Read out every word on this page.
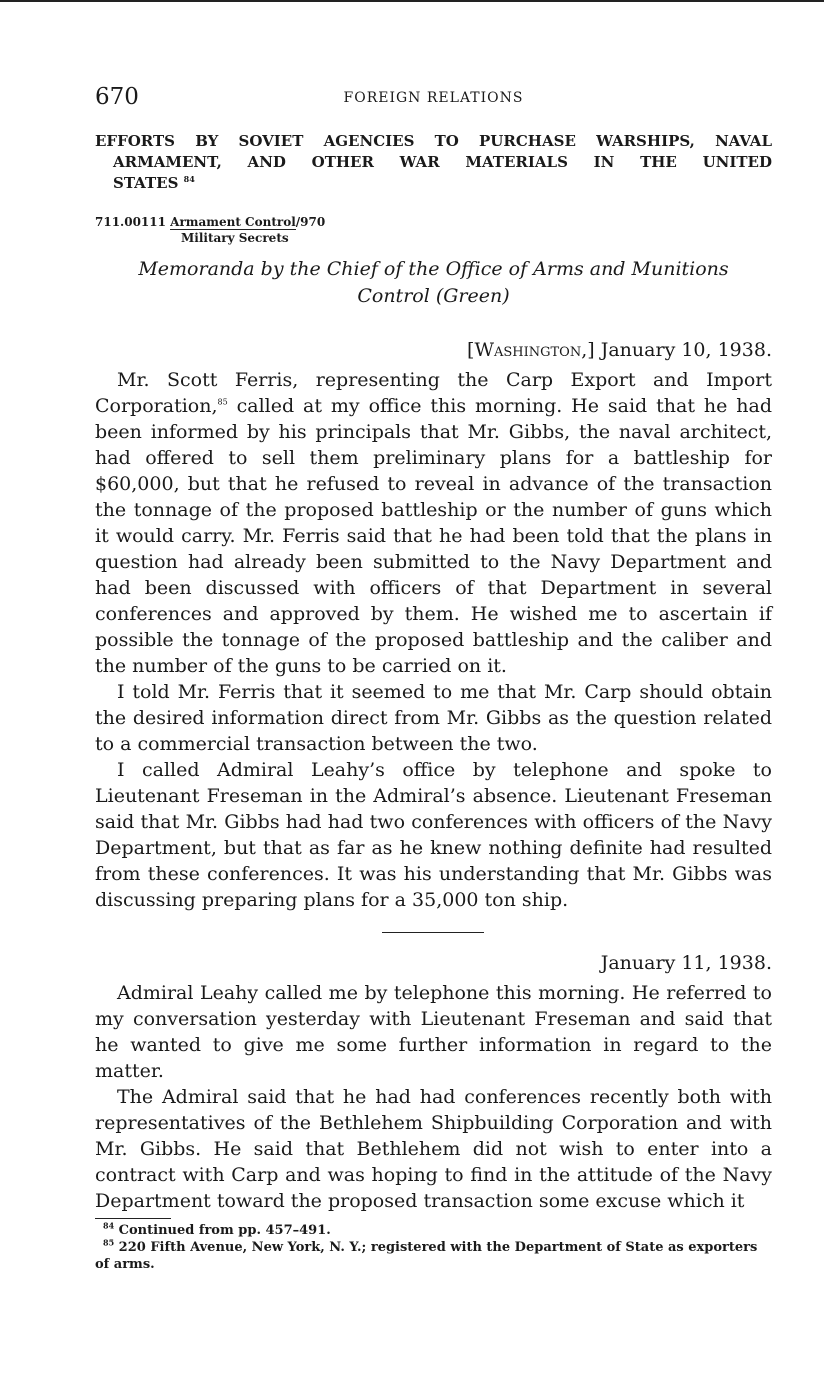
670	FOREIGN RELATIONS
EFFORTS BY SOVIET AGENCIES TO PURCHASE WARSHIPS, NAVAL
ARMAMENT, AND OTHER WAR MATERIALS IN THE UNITED
STATES $^{84}$
711.00111 Armament Control/970
Military Secrets
Memoranda by the Chief of the Office of Arms and Munitions
Control (Green)
[Washington,] January 10, 1938.

Mr. Scott Ferris, representing the Carp Export and Import Corporation,$^{85}$ called at my office this morning. He said that he had been informed by his principals that Mr. Gibbs, the naval architect, had offered to sell them preliminary plans for a battleship for $60,000, but that he refused to reveal in advance of the transaction the tonnage of the proposed battleship or the number of guns which it would carry. Mr. Ferris said that he had been told that the plans in question had already been submitted to the Navy Department and had been discussed with officers of that Department in several conferences and approved by them. He wished me to ascertain if possible the tonnage of the proposed battleship and the caliber and the number of the guns to be carried on it.

I told Mr. Ferris that it seemed to me that Mr. Carp should obtain the desired information direct from Mr. Gibbs as the question related to a commercial transaction between the two.

I called Admiral Leahy’s office by telephone and spoke to Lieutenant Freseman in the Admiral’s absence. Lieutenant Freseman said that Mr. Gibbs had had two conferences with officers of the Navy Department, but that as far as he knew nothing definite had resulted from these conferences. It was his understanding that Mr. Gibbs was discussing preparing plans for a 35,000 ton ship.

January 11, 1938.

Admiral Leahy called me by telephone this morning. He referred to my conversation yesterday with Lieutenant Freseman and said that he wanted to give me some further information in regard to the matter.

The Admiral said that he had had conferences recently both with representatives of the Bethlehem Shipbuilding Corporation and with Mr. Gibbs. He said that Bethlehem did not wish to enter into a contract with Carp and was hoping to find in the attitude of the Navy Department toward the proposed transaction some excuse which it

$^{84}$ Continued from pp. 457–491.

$^{85}$ 220 Fifth Avenue, New York, N. Y.; registered with the Department of State as exporters of arms.
